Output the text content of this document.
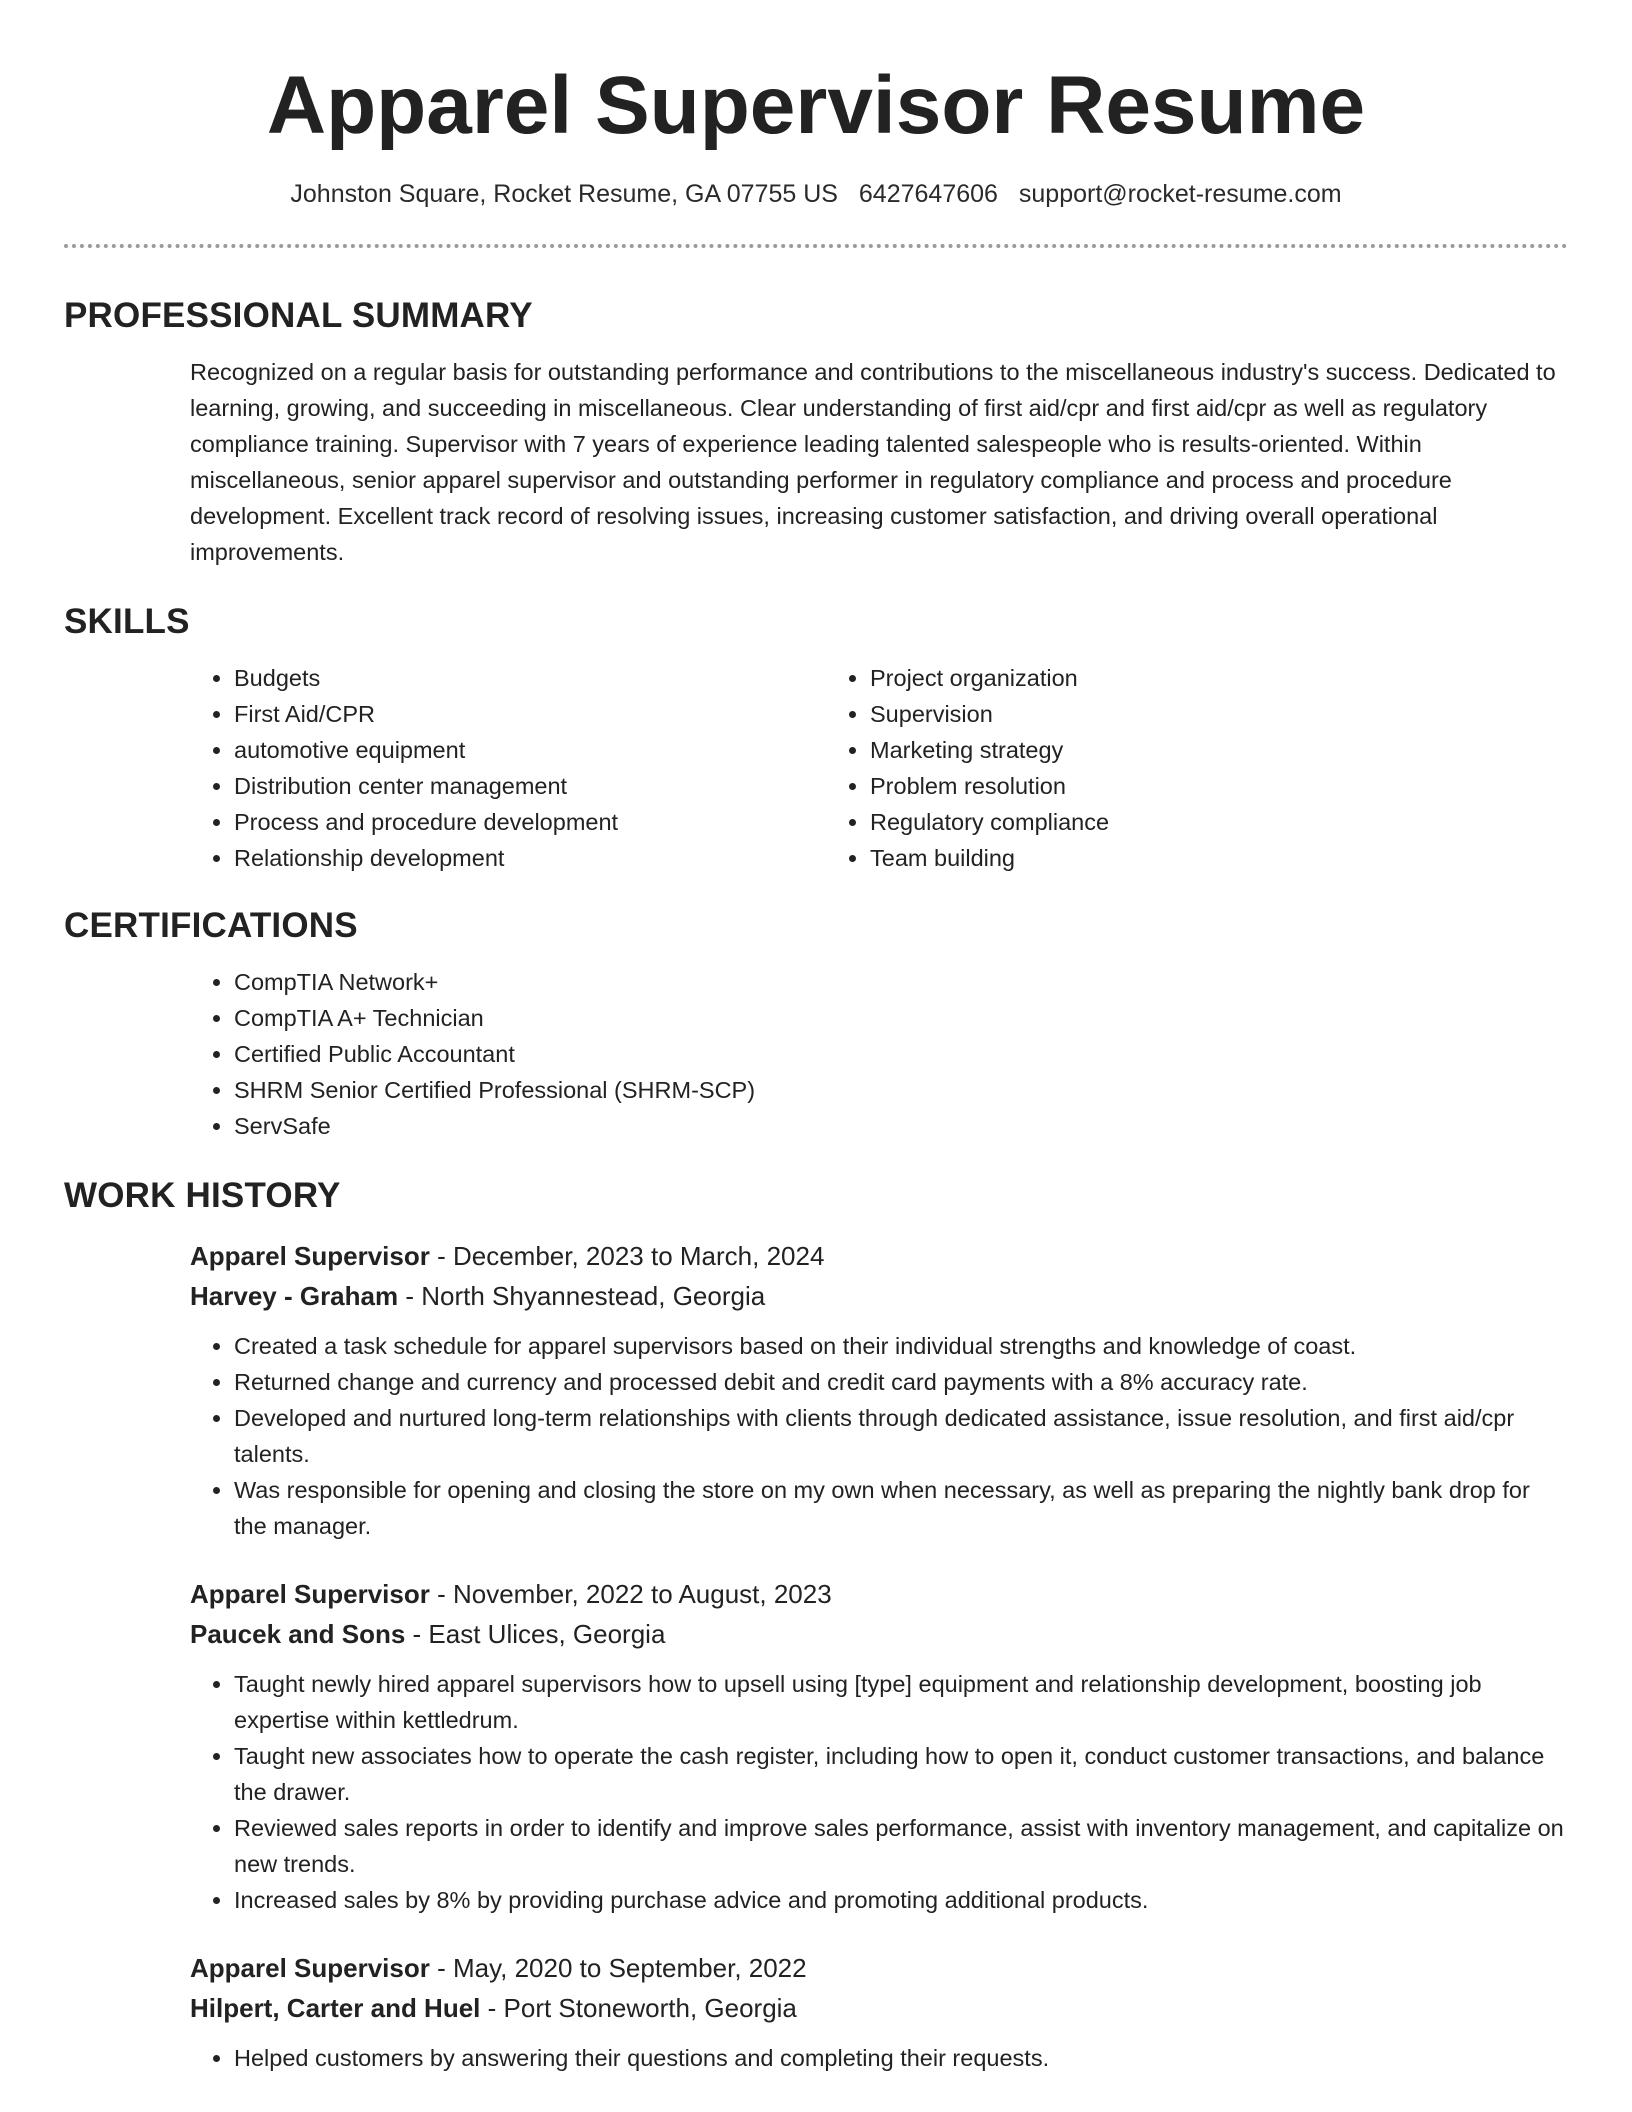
Apparel Supervisor Resume
Johnston Square, Rocket Resume, GA 07755 US 6427647606 support@rocket-resume.com
PROFESSIONAL SUMMARY

Recognized on a regular basis for outstanding performance and contributions to the miscellaneous industry's success. Dedicated to learning, growing, and succeeding in miscellaneous. Clear understanding of first aid/cpr and first aid/cpr as well as regulatory compliance training. Supervisor with 7 years of experience leading talented salespeople who is results-oriented. Within miscellaneous, senior apparel supervisor and outstanding performer in regulatory compliance and process and procedure development. Excellent track record of resolving issues, increasing customer satisfaction, and driving overall operational improvements.

SKILLS
• Budgets
• First Aid/CPR
• automotive equipment
• Distribution center management
• Process and procedure development
• Relationship development
• Project organization
• Supervision
• Marketing strategy
• Problem resolution
• Regulatory compliance
• Team building
CERTIFICATIONS
• CompTIA Network+
• CompTIA A+ Technician
• Certified Public Accountant
• SHRM Senior Certified Professional (SHRM-SCP)
• ServSafe
WORK HISTORY
Apparel Supervisor - December, 2023 to March, 2024
Harvey - Graham - North Shyannestead, Georgia
• Created a task schedule for apparel supervisors based on their individual strengths and knowledge of coast.
• Returned change and currency and processed debit and credit card payments with a 8% accuracy rate.
• Developed and nurtured long-term relationships with clients through dedicated assistance, issue resolution, and first aid/cpr talents.
• Was responsible for opening and closing the store on my own when necessary, as well as preparing the nightly bank drop for the manager.
Apparel Supervisor - November, 2022 to August, 2023
Paucek and Sons - East Ulices, Georgia
• Taught newly hired apparel supervisors how to upsell using [type] equipment and relationship development, boosting job expertise within kettledrum.
• Taught new associates how to operate the cash register, including how to open it, conduct customer transactions, and balance the drawer.
• Reviewed sales reports in order to identify and improve sales performance, assist with inventory management, and capitalize on new trends.
• Increased sales by 8% by providing purchase advice and promoting additional products.
Apparel Supervisor - May, 2020 to September, 2022
Hilpert, Carter and Huel - Port Stoneworth, Georgia
• Helped customers by answering their questions and completing their requests.
